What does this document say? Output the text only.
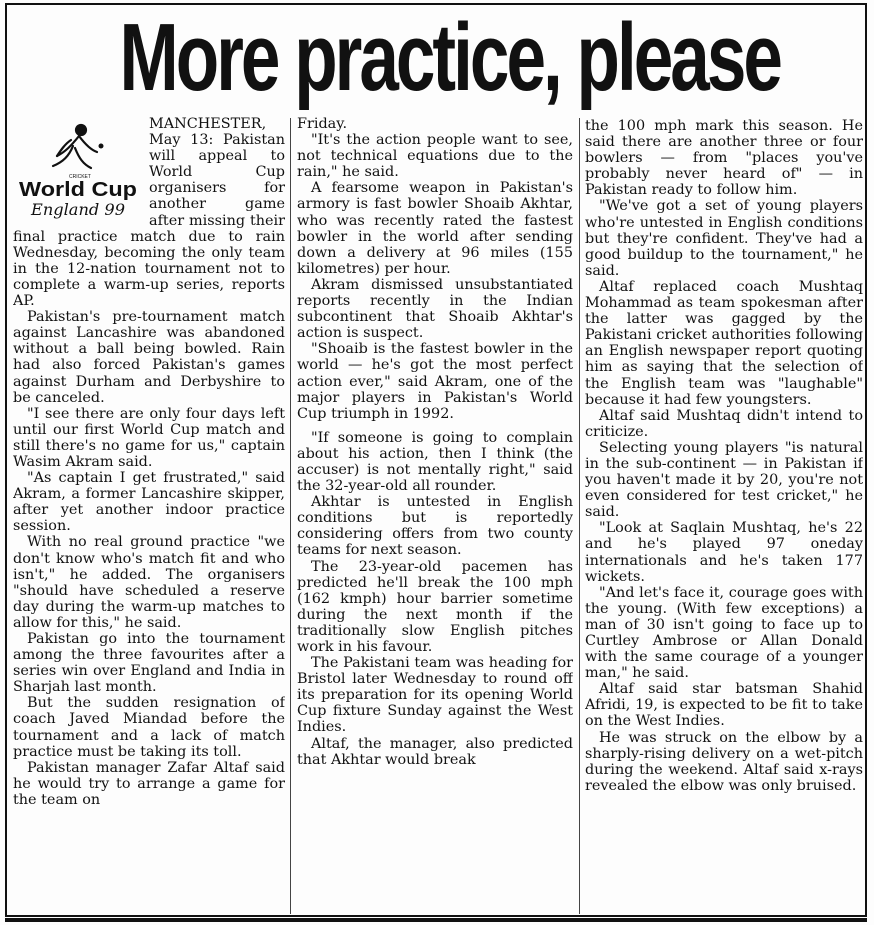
More practice, please
CRICKET
World Cup
England 99

MANCHESTER, May 13: Pakistan will appeal to World Cup organisers for another game after missing their final practice match due to rain Wednesday, becoming the only team in the 12-nation tournament not to complete a warm-up series, reports AP.

Pakistan's pre-tournament match against Lancashire was abandoned without a ball being bowled. Rain had also forced Pakistan's games against Durham and Derbyshire to be canceled.

"I see there are only four days left until our first World Cup match and still there's no game for us," captain Wasim Akram said.

"As captain I get frustrated," said Akram, a former Lancashire skipper, after yet another indoor practice session.

With no real ground practice "we don't know who's match fit and who isn't," he added. The organisers "should have scheduled a reserve day during the warm-up matches to allow for this," he said.

Pakistan go into the tournament among the three favourites after a series win over England and India in Sharjah last month.

But the sudden resignation of coach Javed Miandad before the tournament and a lack of match practice must be taking its toll.

Pakistan manager Zafar Altaf said he would try to arrange a game for the team on

Friday.

"It's the action people want to see, not technical equations due to the rain," he said.

A fearsome weapon in Pakistan's armory is fast bowler Shoaib Akhtar, who was recently rated the fastest bowler in the world after sending down a delivery at 96 miles (155 kilometres) per hour.

Akram dismissed unsubstantiated reports recently in the Indian subcontinent that Shoaib Akhtar's action is suspect.

"Shoaib is the fastest bowler in the world — he's got the most perfect action ever," said Akram, one of the major players in Pakistan's World Cup triumph in 1992.

"If someone is going to complain about his action, then I think (the accuser) is not mentally right," said the 32-year-old all rounder.

Akhtar is untested in English conditions but is reportedly considering offers from two county teams for next season.

The 23-year-old pacemen has predicted he'll break the 100 mph (162 kmph) hour barrier sometime during the next month if the traditionally slow English pitches work in his favour.

The Pakistani team was heading for Bristol later Wednesday to round off its preparation for its opening World Cup fixture Sunday against the West Indies.

Altaf, the manager, also predicted that Akhtar would break

the 100 mph mark this season. He said there are another three or four bowlers — from "places you've probably never heard of" — in Pakistan ready to follow him.

"We've got a set of young players who're untested in English conditions but they're confident. They've had a good buildup to the tournament," he said.

Altaf replaced coach Mushtaq Mohammad as team spokesman after the latter was gagged by the Pakistani cricket authorities following an English newspaper report quoting him as saying that the selection of the English team was "laughable" because it had few youngsters.

Altaf said Mushtaq didn't intend to criticize.

Selecting young players "is natural in the sub-continent — in Pakistan if you haven't made it by 20, you're not even considered for test cricket," he said.

"Look at Saqlain Mushtaq, he's 22 and he's played 97 oneday internationals and he's taken 177 wickets.

"And let's face it, courage goes with the young. (With few exceptions) a man of 30 isn't going to face up to Curtley Ambrose or Allan Donald with the same courage of a younger man," he said.

Altaf said star batsman Shahid Afridi, 19, is expected to be fit to take on the West Indies.

He was struck on the elbow by a sharply-rising delivery on a wet-pitch during the weekend. Altaf said x-rays revealed the elbow was only bruised.
